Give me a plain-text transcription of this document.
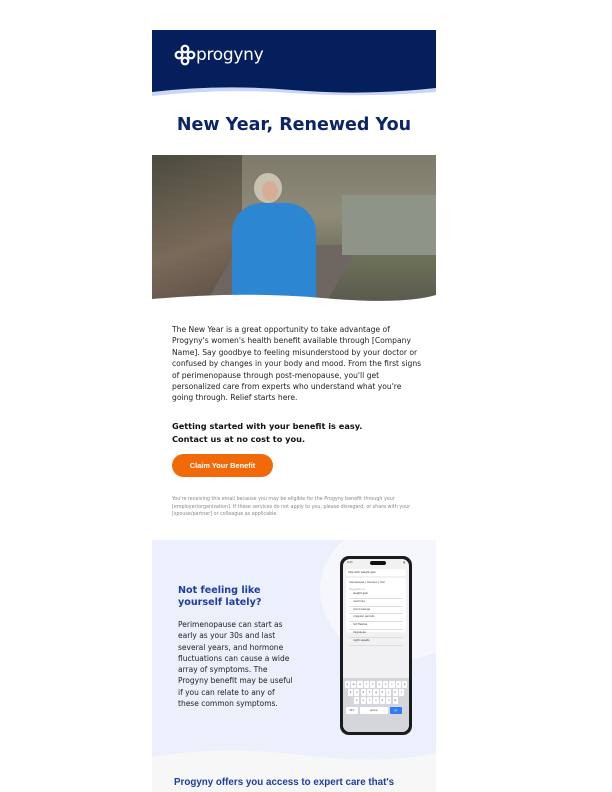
progyny
New Year, Renewed You
The New Year is a great opportunity to take advantage of Progyny's women's health benefit available through [Company Name]. Say goodbye to feeling misunderstood by your doctor or confused by changes in your body and mood. From the first signs of perimenopause through post-menopause, you'll get personalized care from experts who understand what you're going through. Relief starts here.
Getting started with your benefit is easy.
Contact us at no cost to you.
Claim Your Benefit
You're receiving this email because you may be eligible for the Progyny benefit through your [employer/organization]. If these services do not apply to you, please disregard, or share with your [spouse/partner] or colleague as applicable.
Not feeling like yourself lately?
Perimenopause can start as early as your 30s and last several years, and hormone fluctuations can cause a wide array of symptoms. The Progyny benefit may be useful if you can relate to any of these common symptoms.
9:41	▮
help with weight gain
menopause | menopo | mer
Suggestions
weight gain
insomnia
mood swings
irregular periods
hot flashes
migraines
night sweats
q w e r t y u i o p
a s d f g h j k l
z x c v b n m
123	space	go
Progyny offers you access to expert care that's
